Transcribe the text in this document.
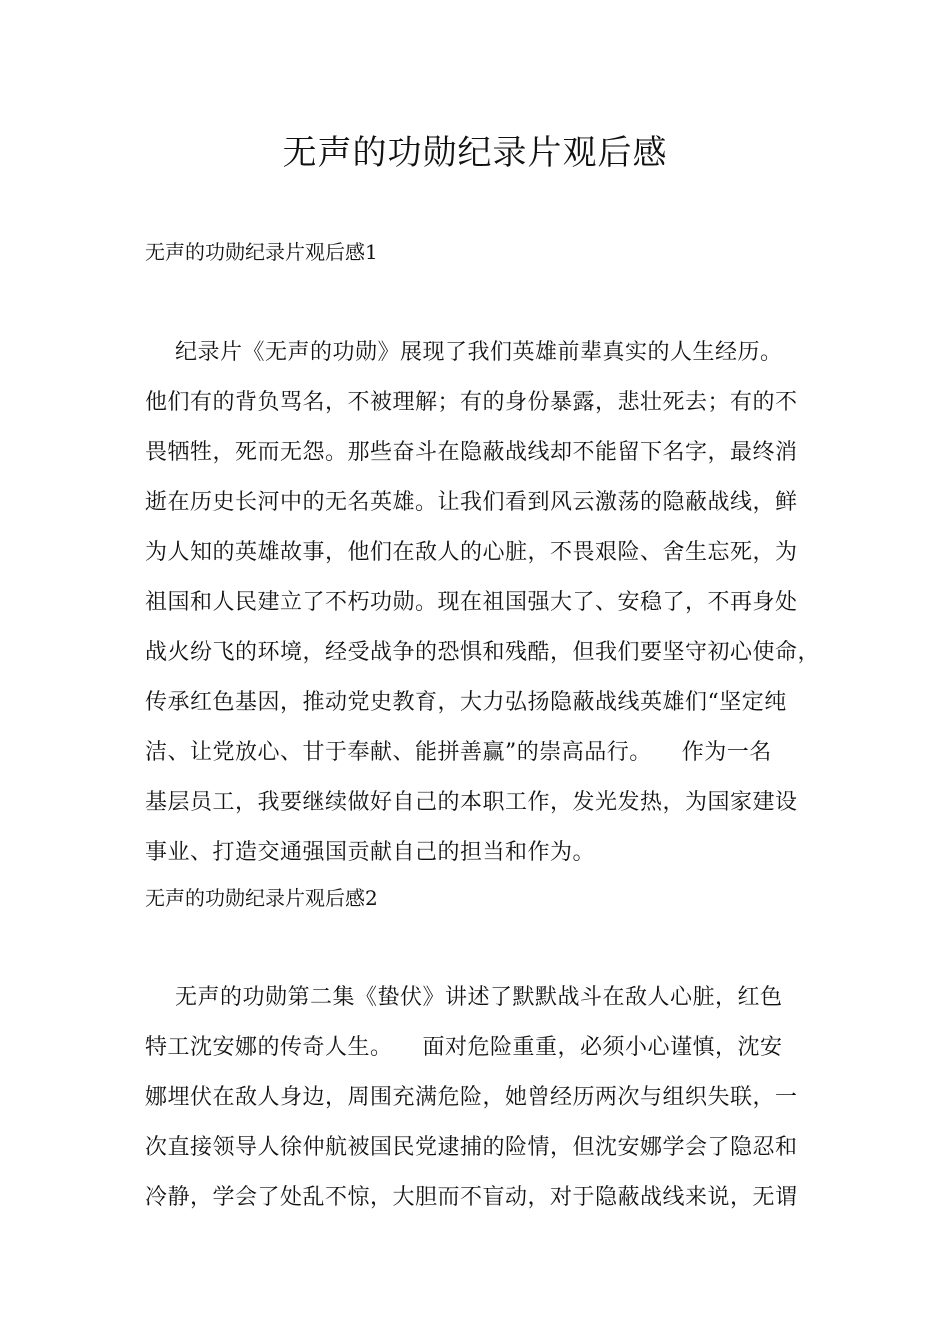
无声的功勋纪录片观后感
无声的功勋纪录片观后感1
纪录片《无声的功勋》展现了我们英雄前辈真实的人生经历。
他们有的背负骂名，不被理解；有的身份暴露，悲壮死去；有的不
畏牺牲，死而无怨。那些奋斗在隐蔽战线却不能留下名字，最终消
逝在历史长河中的无名英雄。让我们看到风云激荡的隐蔽战线，鲜
为人知的英雄故事，他们在敌人的心脏，不畏艰险、舍生忘死，为
祖国和人民建立了不朽功勋。现在祖国强大了、安稳了，不再身处
战火纷飞的环境，经受战争的恐惧和残酷，但我们要坚守初心使命，
传承红色基因，推动党史教育，大力弘扬隐蔽战线英雄们“坚定纯
洁、让党放心、甘于奉献、能拼善赢”的崇高品行。    作为一名
基层员工，我要继续做好自己的本职工作，发光发热，为国家建设
事业、打造交通强国贡献自己的担当和作为。
无声的功勋纪录片观后感2
无声的功勋第二集《蛰伏》讲述了默默战斗在敌人心脏，红色
特工沈安娜的传奇人生。    面对危险重重，必须小心谨慎，沈安
娜埋伏在敌人身边，周围充满危险，她曾经历两次与组织失联，一
次直接领导人徐仲航被国民党逮捕的险情，但沈安娜学会了隐忍和
冷静，学会了处乱不惊，大胆而不盲动，对于隐蔽战线来说，无谓
